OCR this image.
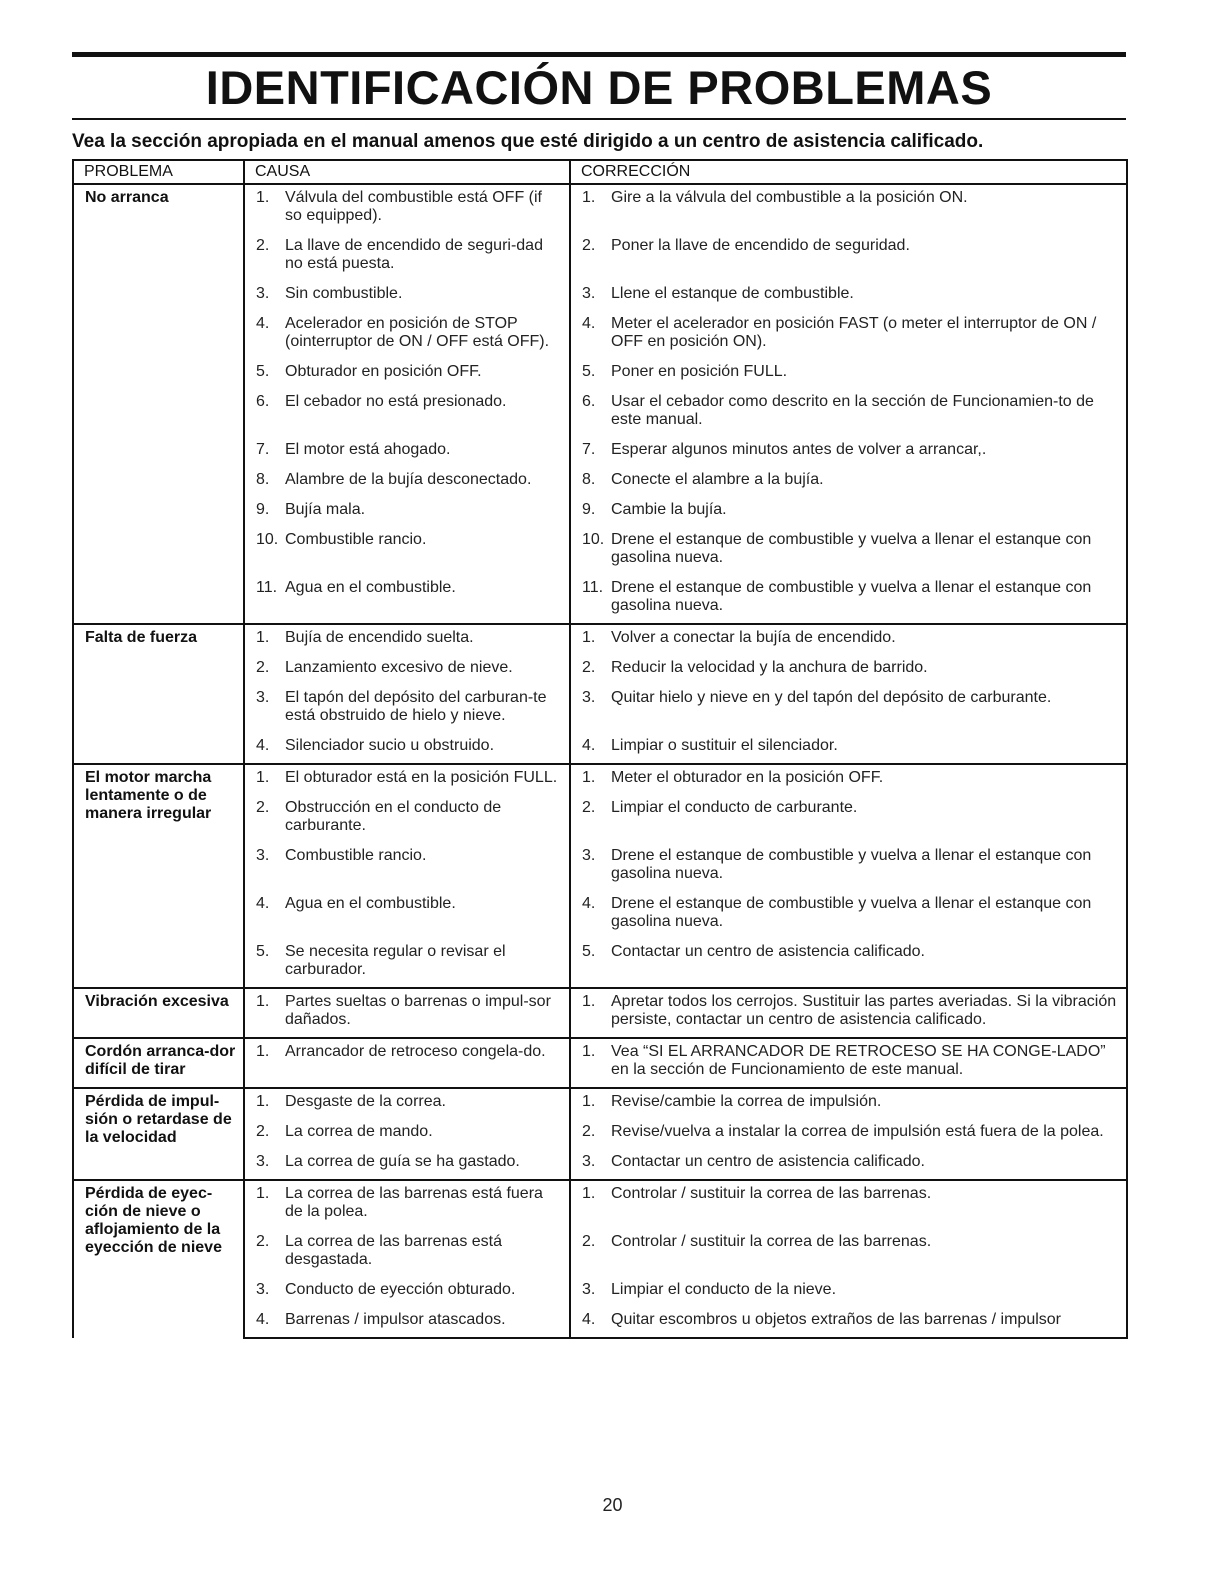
IDENTIFICACIÓN DE PROBLEMAS
Vea la sección apropiada en el manual amenos que esté dirigido a un centro de asistencia calificado.
PROBLEMA	CAUSA	CORRECCIÓN
No arranca	1. Válvula del combustible está OFF (if so equipped).	1. Gire a la válvula del combustible a la posición ON.

	2. La llave de encendido de seguri-dad no está puesta.	2. Poner la llave de encendido de seguridad.

	3. Sin combustible.	3. Llene el estanque de combustible.

	4. Acelerador en posición de STOP (ointerruptor de ON / OFF está OFF).	4. Meter el acelerador en posición FAST (o meter el interruptor de ON / OFF en posición ON).

	5. Obturador en posición OFF.	5. Poner en posición FULL.

	6. El cebador no está presionado.	6. Usar el cebador como descrito en la sección de Funcionamien-to de este manual.

	7. El motor está ahogado.	7. Esperar algunos minutos antes de volver a arrancar,.

	8. Alambre de la bujía desconectado.	8. Conecte el alambre a la bujía.

	9. Bujía mala.	9. Cambie la bujía.

	10. Combustible rancio.	10. Drene el estanque de combustible y vuelva a llenar el estanque con gasolina nueva.

	11. Agua en el combustible.	11. Drene el estanque de combustible y vuelva a llenar el estanque con gasolina nueva.

Falta de fuerza	1. Bujía de encendido suelta.	1. Volver a conectar la bujía de encendido.

	2. Lanzamiento excesivo de nieve.	2. Reducir la velocidad y la anchura de barrido.

	3. El tapón del depósito del carburan-te está obstruido de hielo y nieve.	3. Quitar hielo y nieve en y del tapón del depósito de carburante.

	4. Silenciador sucio u obstruido.	4. Limpiar o sustituir el silenciador.

El motor marcha lentamente o de manera irregular	1. El obturador está en la posición FULL.	1. Meter el obturador en la posición OFF.

	2. Obstrucción en el conducto de carburante.	2. Limpiar el conducto de carburante.

	3. Combustible rancio.	3. Drene el estanque de combustible y vuelva a llenar el estanque con gasolina nueva.

	4. Agua en el combustible.	4. Drene el estanque de combustible y vuelva a llenar el estanque con gasolina nueva.

	5. Se necesita regular o revisar el carburador.	5. Contactar un centro de asistencia calificado.

Vibración excesiva	1. Partes sueltas o barrenas o impul-sor dañados.	1. Apretar todos los cerrojos. Sustituir las partes averiadas. Si la vibración persiste, contactar un centro de asistencia calificado.

Cordón arranca-dor difícil de tirar	1. Arrancador de retroceso congela-do.	1. Vea “SI EL ARRANCADOR DE RETROCESO SE HA CONGE-LADO” en la sección de Funcionamiento de este manual.

Pérdida de impul-sión o retardase de la velocidad	1. Desgaste de la correa.	1. Revise/cambie la correa de impulsión.

	2. La correa de mando.	2. Revise/vuelva a instalar la correa de impulsión está fuera de la polea.

	3. La correa de guía se ha gastado.	3. Contactar un centro de asistencia calificado.

Pérdida de eyec-ción de nieve o aflojamiento de la eyección de nieve	1. La correa de las barrenas está fuera de la polea.	1. Controlar / sustituir la correa de las barrenas.

	2. La correa de las barrenas está desgastada.	2. Controlar / sustituir la correa de las barrenas.

	3. Conducto de eyección obturado.	3. Limpiar el conducto de la nieve.

	4. Barrenas / impulsor atascados.	4. Quitar escombros u objetos extraños de las barrenas / impulsor
20
